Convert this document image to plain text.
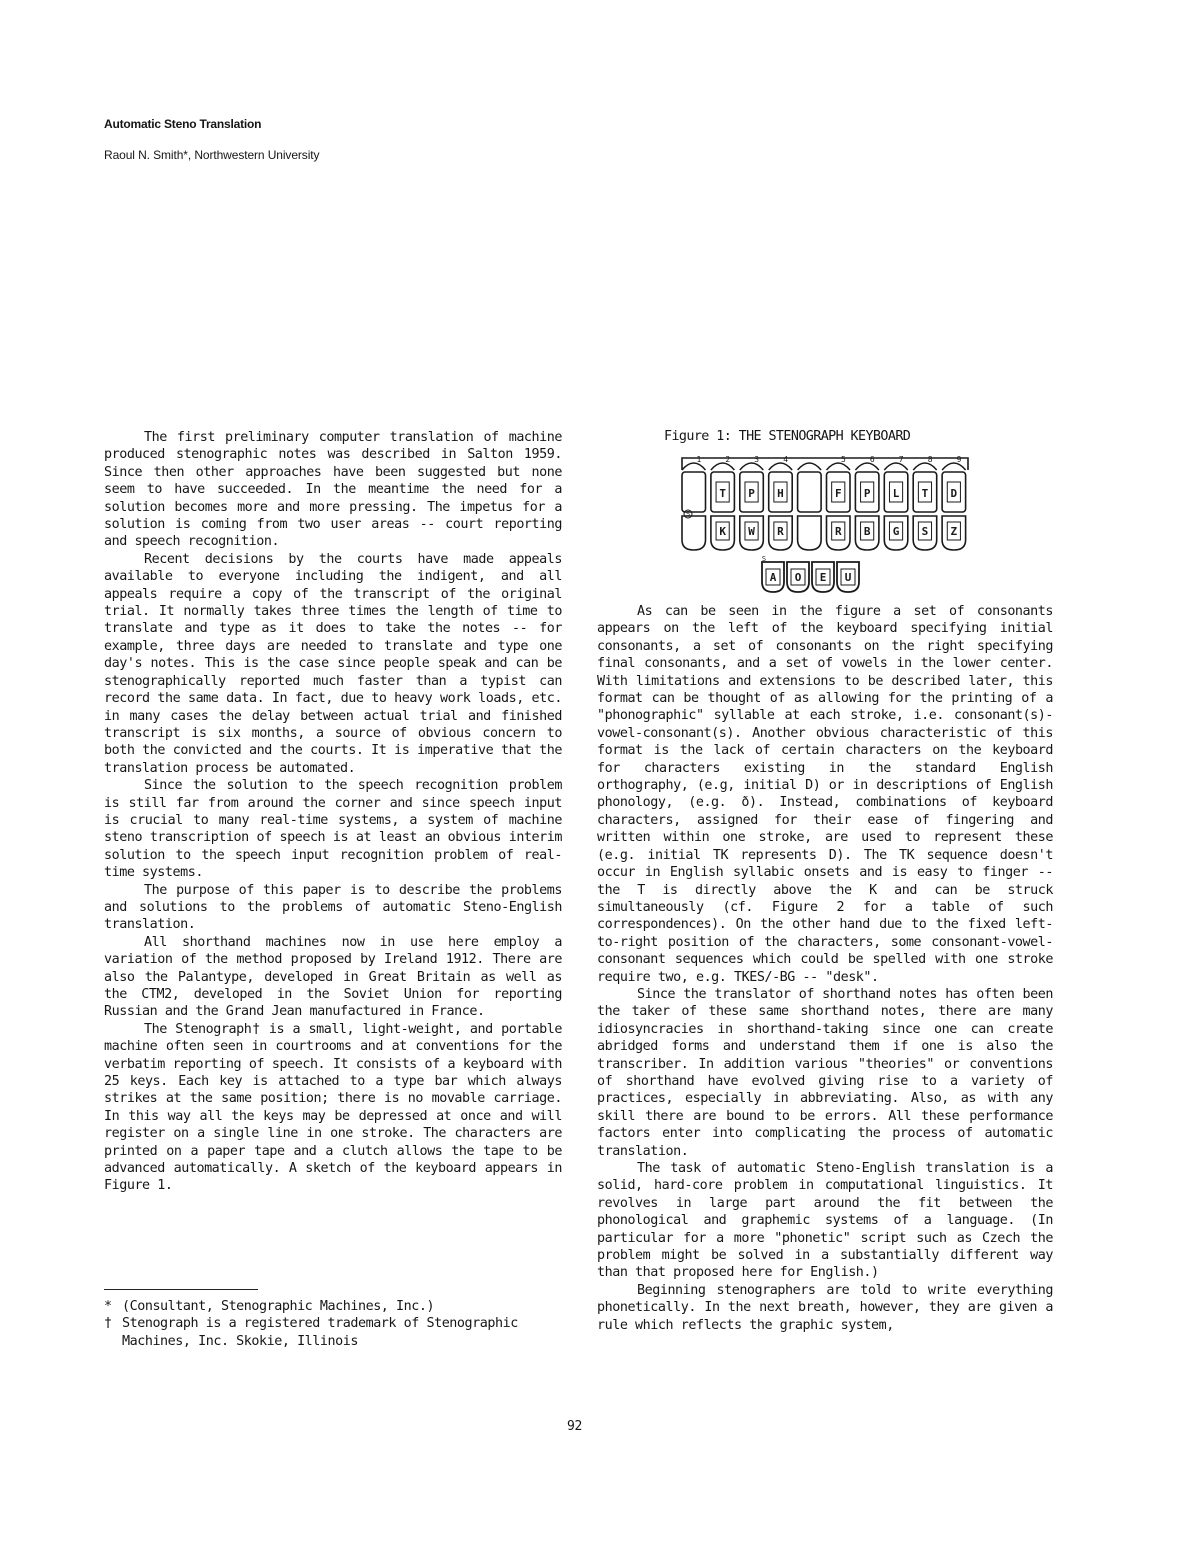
Automatic Steno Translation
Raoul N. Smith*, Northwestern University

The first preliminary computer translation of machine produced stenographic notes was described in Salton 1959. Since then other approaches have been suggested but none seem to have succeeded. In the meantime the need for a solution becomes more and more pressing. The impetus for a solution is coming from two user areas -- court reporting and speech recognition.

Recent decisions by the courts have made appeals available to everyone including the indigent, and all appeals require a copy of the transcript of the original trial. It normally takes three times the length of time to translate and type as it does to take the notes -- for example, three days are needed to translate and type one day's notes. This is the case since people speak and can be stenographically reported much faster than a typist can record the same data. In fact, due to heavy work loads, etc. in many cases the delay between actual trial and finished transcript is six months, a source of obvious concern to both the convicted and the courts. It is imperative that the translation process be automated.

Since the solution to the speech recognition problem is still far from around the corner and since speech input is crucial to many real-time systems, a system of machine steno transcription of speech is at least an obvious interim solution to the speech input recognition problem of real-time systems.

The purpose of this paper is to describe the problems and solutions to the problems of automatic Steno-English translation.

All shorthand machines now in use here employ a variation of the method proposed by Ireland 1912. There are also the Palantype, developed in Great Britain as well as the CTM2, developed in the Soviet Union for reporting Russian and the Grand Jean manufactured in France.

The Stenograph† is a small, light-weight, and portable machine often seen in courtrooms and at conventions for the verbatim reporting of speech. It consists of a keyboard with 25 keys. Each key is attached to a type bar which always strikes at the same position; there is no movable carriage. In this way all the keys may be depressed at once and will register on a single line in one stroke. The characters are printed on a paper tape and a clutch allows the tape to be advanced automatically. A sketch of the keyboard appears in Figure 1.

* (Consultant, Stenographic Machines, Inc.)
† Stenograph is a registered trademark of Stenographic Machines, Inc. Skokie, Illinois
Figure 1: THE STENOGRAPH KEYBOARD
1	2	3	4	5	6	7	8	9
T P H	F P L T D
K W R	R B G S Z
S
A O E U
S

As can be seen in the figure a set of consonants appears on the left of the keyboard specifying initial consonants, a set of consonants on the right specifying final consonants, and a set of vowels in the lower center. With limitations and extensions to be described later, this format can be thought of as allowing for the printing of a "phonographic" syllable at each stroke, i.e. consonant(s)-vowel-consonant(s). Another obvious characteristic of this format is the lack of certain characters on the keyboard for characters existing in the standard English orthography, (e.g, initial D) or in descriptions of English phonology, (e.g. ð). Instead, combinations of keyboard characters, assigned for their ease of fingering and written within one stroke, are used to represent these (e.g. initial TK represents D). The TK sequence doesn't occur in English syllabic onsets and is easy to finger -- the T is directly above the K and can be struck simultaneously (cf. Figure 2 for a table of such correspondences). On the other hand due to the fixed left-to-right position of the characters, some consonant-vowel-consonant sequences which could be spelled with one stroke require two, e.g. TKES/-BG -- "desk".

Since the translator of shorthand notes has often been the taker of these same shorthand notes, there are many idiosyncracies in shorthand-taking since one can create abridged forms and understand them if one is also the transcriber. In addition various "theories" or conventions of shorthand have evolved giving rise to a variety of practices, especially in abbreviating. Also, as with any skill there are bound to be errors. All these performance factors enter into complicating the process of automatic translation.

The task of automatic Steno-English translation is a solid, hard-core problem in computational linguistics. It revolves in large part around the fit between the phonological and graphemic systems of a language. (In particular for a more "phonetic" script such as Czech the problem might be solved in a substantially different way than that proposed here for English.)

Beginning stenographers are told to write everything phonetically. In the next breath, however, they are given a rule which reflects the graphic system,

92
